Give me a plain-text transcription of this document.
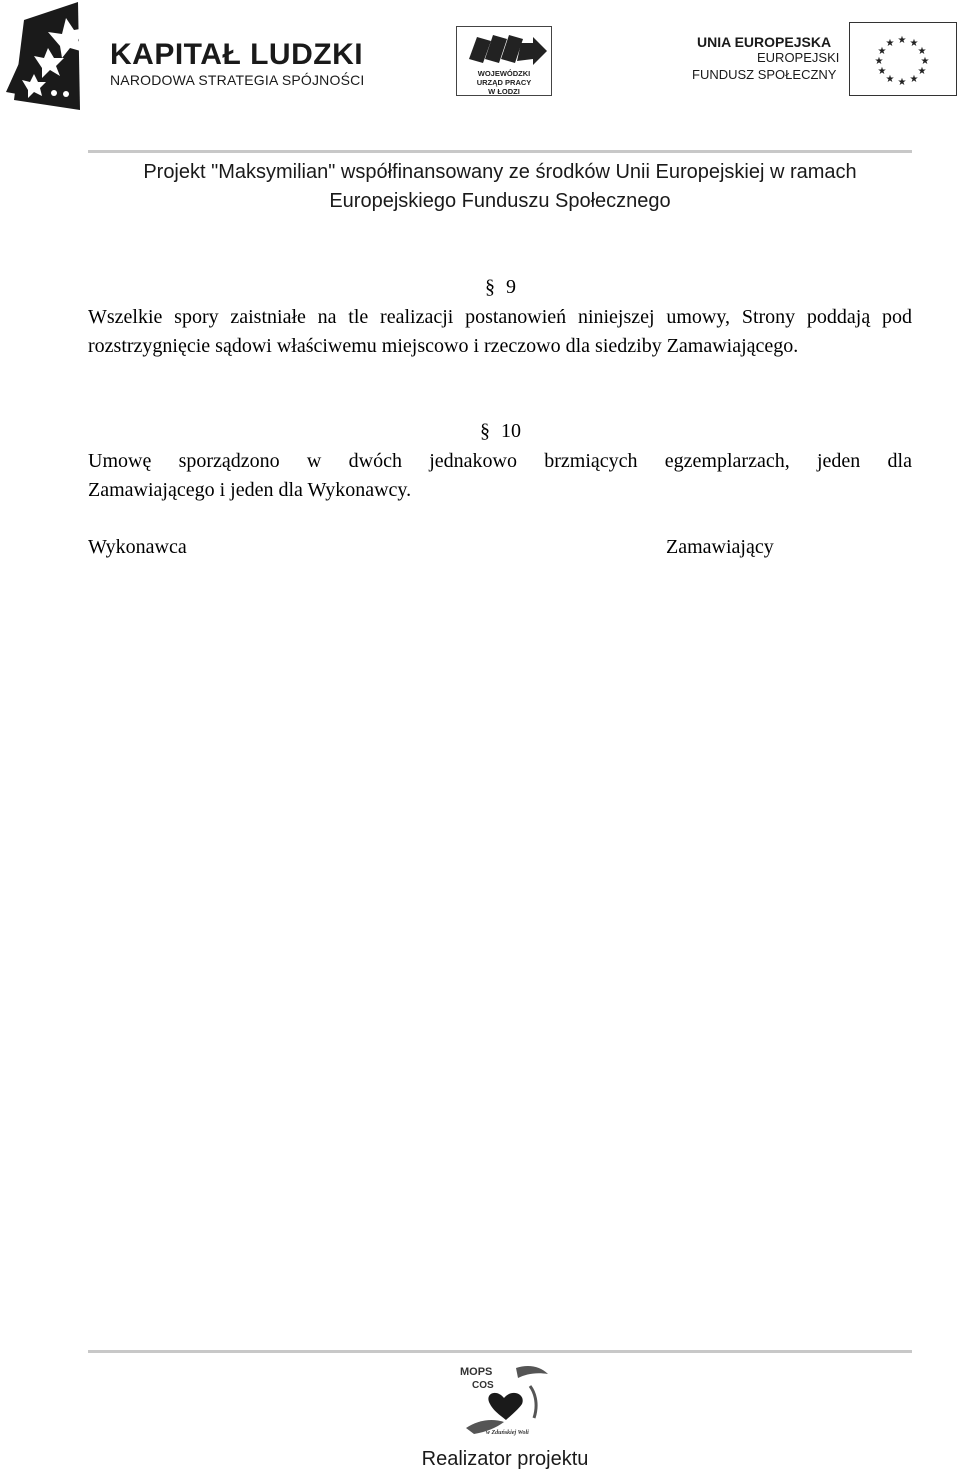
KAPITAŁ LUDZKI
NARODOWA STRATEGIA SPÓJNOŚCI	WOJEWÓDZKI
URZĄD PRACY
W ŁODZI
UNIA EUROPEJSKA
EUROPEJSKI
FUNDUSZ SPOŁECZNY
★ ★
★
★
★
★
★
★
★
★
★
★
Projekt "Maksymilian" współfinansowany ze środków Unii Europejskiej w ramach
Europejskiego Funduszu Społecznego
§ 9
Wszelkie spory zaistniałe na tle realizacji postanowień niniejszej umowy, Strony poddają pod
rozstrzygnięcie sądowi właściwemu miejscowo i rzeczowo dla siedziby Zamawiającego.
§ 10
Umowę sporządzono w dwóch jednakowo brzmiących egzemplarzach, jeden dla
Zamawiającego i jeden dla Wykonawcy.
Wykonawca	Zamawiający
MOPS
COS
w Zduńskiej Woli
Realizator projektu
